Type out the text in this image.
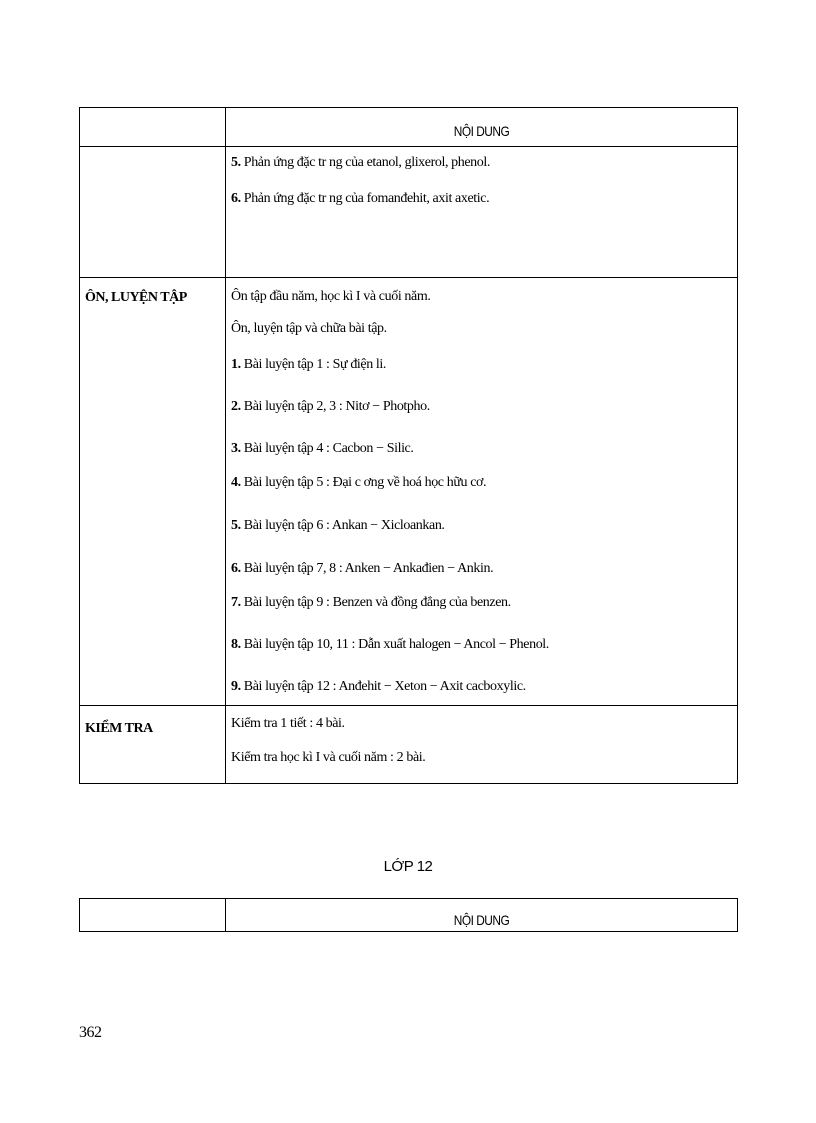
NỘI DUNG
5. Phản ứng đặc tr ng của etanol, glixerol, phenol.
6. Phản ứng đặc tr ng của fomanđehit, axit axetic.
ÔN, LUYỆN TẬP	Ôn tập đầu năm, học kì I và cuối năm.
Ôn, luyện tập và chữa bài tập.
1. Bài luyện tập 1 : Sự điện li.
2. Bài luyện tập 2, 3 : Nitơ − Photpho.
3. Bài luyện tập 4 : Cacbon − Silic.
4. Bài luyện tập 5 : Đại c ơng về hoá học hữu cơ.
5. Bài luyện tập 6 : Ankan − Xicloankan.
6. Bài luyện tập 7, 8 : Anken − Ankađien − Ankin.
7. Bài luyện tập 9 : Benzen và đồng đẳng của benzen.
8. Bài luyện tập 10, 11 : Dẫn xuất halogen − Ancol − Phenol.
9. Bài luyện tập 12 : Anđehit − Xeton − Axit cacboxylic.
KIỂM TRA	Kiểm tra 1 tiết : 4 bài.
Kiểm tra học kì I và cuối năm : 2 bài.
LỚP 12
NỘI DUNG
362
